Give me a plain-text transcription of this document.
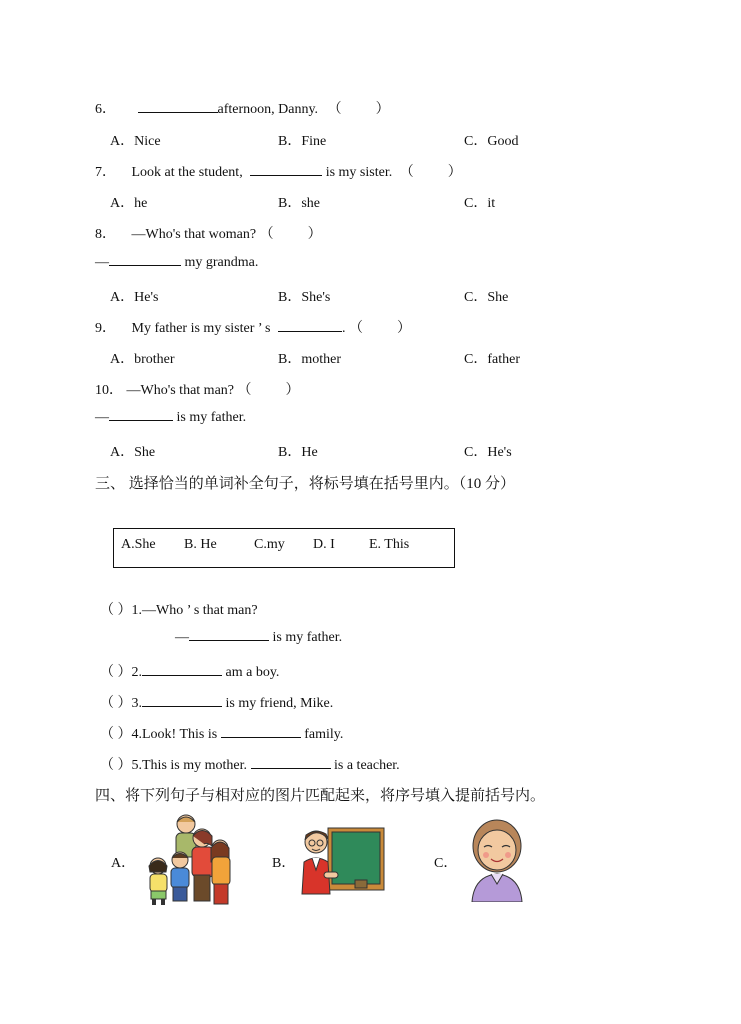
6．	afternoon, Danny. （ ）
A．Nice	B．Fine	C．Good
7． Look at the student,	is my sister. （ ）
A．he	B．she	C．it
8． —Who's that woman? （ ）
—	my grandma.
A．He's	B．She's	C．She
9． My father is my sister ’ s	. （ ）
A．brother	B．mother	C．father
10． —Who's that man? （ ）
—	is my father.
A．She	B．He	C．He's
三、 选择恰当的单词补全句子，将标号填在括号里内。（10 分）
A.She B. He	C.my D. I E. This
（ ）1.—Who ’ s that man?
—	is my father.
（ ）2.	am a boy.
（ ）3.	is my friend, Mike.
（ ）4.Look! This is	family.
（ ）5.This is my mother.	is a teacher.
四、将下列句子与相对应的图片匹配起来，将序号填入提前括号内。
A．	B．	C．
